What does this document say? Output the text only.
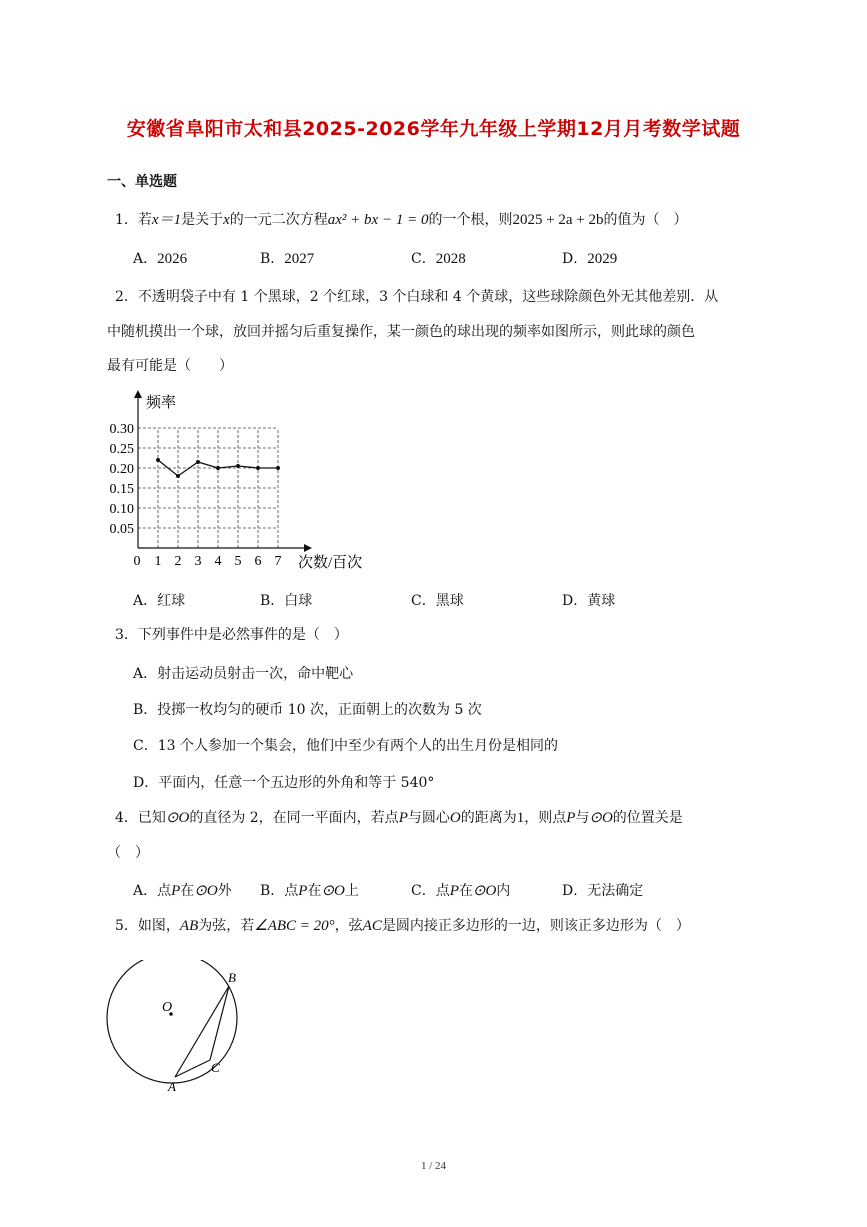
安徽省阜阳市太和县2025-2026学年九年级上学期12月月考数学试题
一、单选题
1．若x＝1是关于x的一元二次方程ax² + bx − 1 = 0的一个根，则2025 + 2a + 2b的值为（　）
A．2026	B．2027	C．2028	D．2029
2．不透明袋子中有 1 个黑球，2 个红球，3 个白球和 4 个黄球，这些球除颜色外无其他差别．从
中随机摸出一个球，放回并摇匀后重复操作，某一颜色的球出现的频率如图所示，则此球的颜色
最有可能是（　　）
0.05
0.10
0.15
0.20
0.25
0.30
0 1 2 3 4 5 6 7
频率
次数/百次
A．红球	B．白球	C．黑球	D．黄球
3．下列事件中是必然事件的是（　）
A．射击运动员射击一次，命中靶心
B．投掷一枚均匀的硬币 10 次，正面朝上的次数为 5 次
C．13 个人参加一个集会，他们中至少有两个人的出生月份是相同的
D．平面内，任意一个五边形的外角和等于 540°
4．已知⊙O的直径为 2，在同一平面内，若点P与圆心O的距离为1，则点P与⊙O的位置关是
（　）
A．点P在⊙O外 B．点P在⊙O上	C．点P在⊙O内	D．无法确定
5．如图，AB为弦，若∠ABC = 20°，弦AC是圆内接正多边形的一边，则该正多边形为（　）
O
B
C
A
1 / 24
